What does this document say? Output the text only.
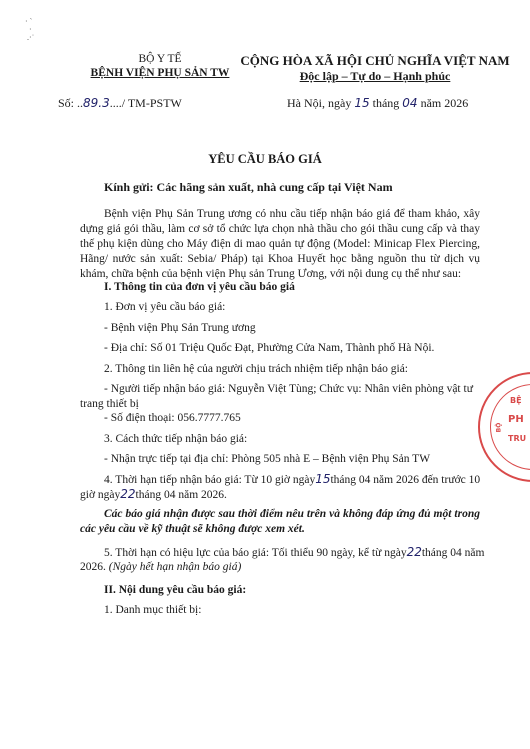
· ˋ
·
.·˙
BỘ Y TẾ
BỆNH VIỆN PHỤ SẢN TW
Số: ..89.3..../ TM-PSTW
CỘNG HÒA XÃ HỘI CHỦ NGHĨA VIỆT NAM
Độc lập – Tự do – Hạnh phúc
Hà Nội, ngày 15 tháng 04 năm 2026
YÊU CẦU BÁO GIÁ
Kính gửi: Các hãng sản xuất, nhà cung cấp tại Việt Nam
Bệnh viện Phụ Sản Trung ương có nhu cầu tiếp nhận báo giá để tham khảo, xây dựng giá gói thầu, làm cơ sở tổ chức lựa chọn nhà thầu cho gói thầu cung cấp và thay thế phụ kiện dùng cho Máy điện di mao quản tự động (Model: Minicap Flex Piercing, Hãng/ nước sản xuất: Sebia/ Pháp) tại Khoa Huyết học bằng nguồn thu từ dịch vụ khám, chữa bệnh của bệnh viện Phụ sản Trung Ương, với nội dung cụ thể như sau:
I. Thông tin của đơn vị yêu cầu báo giá
1. Đơn vị yêu cầu báo giá:
- Bệnh viện Phụ Sản Trung ương
- Địa chỉ: Số 01 Triệu Quốc Đạt, Phường Cửa Nam, Thành phố Hà Nội.
2. Thông tin liên hệ của người chịu trách nhiệm tiếp nhận báo giá:
- Người tiếp nhận báo giá: Nguyễn Việt Tùng; Chức vụ: Nhân viên phòng vật tư
trang thiết bị
- Số điện thoại: 056.7777.765
3. Cách thức tiếp nhận báo giá:
- Nhận trực tiếp tại địa chỉ: Phòng 505 nhà E – Bệnh viện Phụ Sản TW
4. Thời hạn tiếp nhận báo giá: Từ 10 giờ ngày15tháng 04 năm 2026 đến trước 10
giờ ngày22tháng 04 năm 2026.
Các báo giá nhận được sau thời điểm nêu trên và không đáp ứng đủ một trong các yêu cầu về kỹ thuật sẽ không được xem xét.
5. Thời hạn có hiệu lực của báo giá: Tối thiểu 90 ngày, kể từ ngày22tháng 04 năm
2026. (Ngày hết hạn nhận báo giá)
II. Nội dung yêu cầu báo giá:
1. Danh mục thiết bị:
BỆ
PH
TRU
BỘ
